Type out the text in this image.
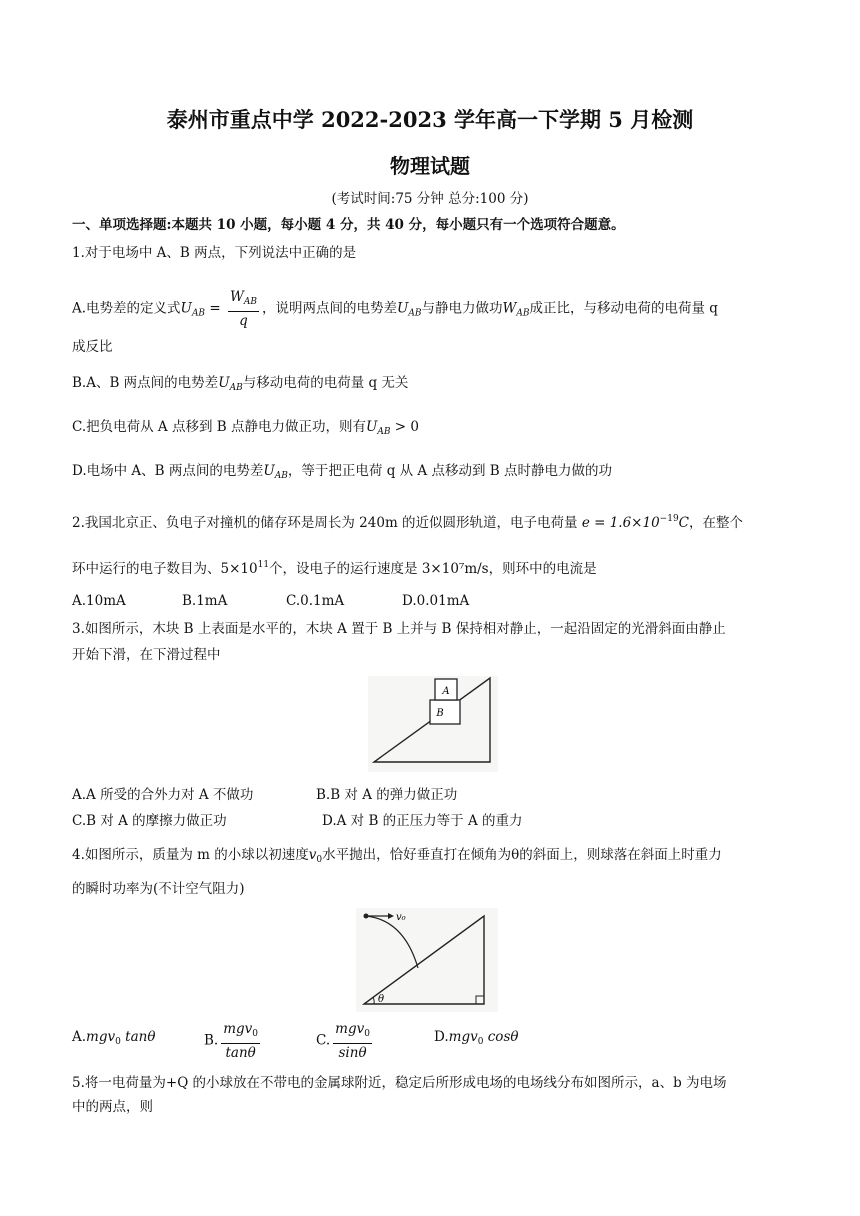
泰州市重点中学 2022-2023 学年高一下学期 5 月检测
物理试题
(考试时间:75 分钟 总分:100 分)
一、单项选择题:本题共 10 小题，每小题 4 分，共 40 分，每小题只有一个选项符合题意。
1.对于电场中 A、B 两点，下列说法中正确的是
A.电势差的定义式$U_{AB} = \frac{W_{AB}}{q}$ ，说明两点间的电势差$U_{AB}$与静电力做功$W_{AB}$成正比，与移动电荷的电荷量 q
成反比
B.A、B 两点间的电势差$U_{AB}$与移动电荷的电荷量 q 无关
C.把负电荷从 A 点移到 B 点静电力做正功，则有$U_{AB} > 0$
D.电场中 A、B 两点间的电势差$U_{AB}$，等于把正电荷 q 从 A 点移动到 B 点时静电力做的功
2.我国北京正、负电子对撞机的储存环是周长为 240m 的近似圆形轨道，电子电荷量 $e = 1.6\times 10^{-19}C$，在整个
环中运行的电子数目为、$5\times 10^{11}$个，设电子的运行速度是 3×10⁷m/s，则环中的电流是
A.10mA	B.1mA	C.0.1mA	D.0.01mA
3.如图所示，木块 B 上表面是水平的，木块 A 置于 B 上并与 B 保持相对静止，一起沿固定的光滑斜面由静止
开始下滑，在下滑过程中
A
B
A.A 所受的合外力对 A 不做功	B.B 对 A 的弹力做正功
C.B 对 A 的摩擦力做正功	D.A 对 B 的正压力等于 A 的重力
4.如图所示，质量为 m 的小球以初速度$v_0$水平抛出，恰好垂直打在倾角为θ的斜面上，则球落在斜面上时重力
的瞬时功率为(不计空气阻力)
θ
v₀
A.mgv$_0$ tanθ	B. $\frac{mgv_0}{\tan\theta}$	C. $\frac{mgv_0}{\sin\theta}$	D.mgv$_0$ cosθ
5.将一电荷量为+Q 的小球放在不带电的金属球附近，稳定后所形成电场的电场线分布如图所示，a、b 为电场
中的两点，则
